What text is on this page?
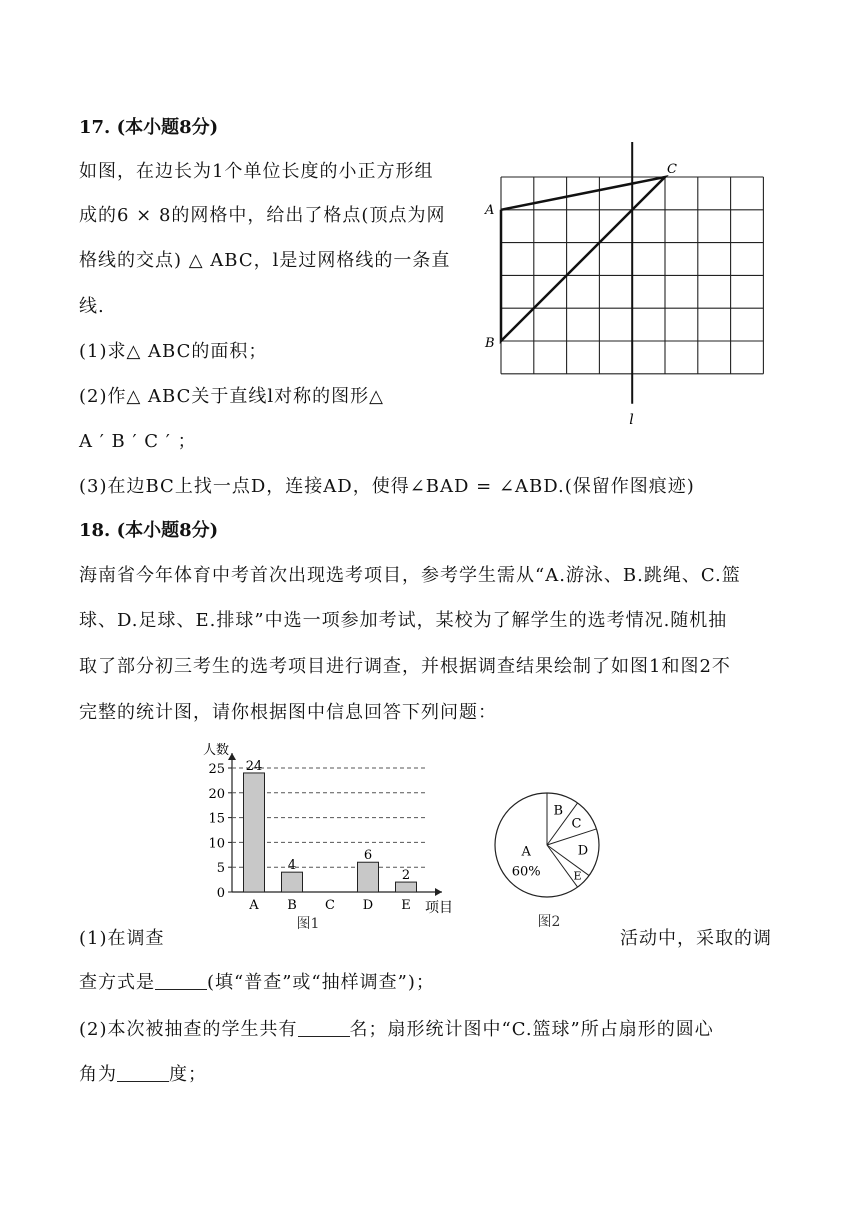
17. (本小题8分)
如图，在边长为1个单位长度的小正方形组
成的6 × 8的网格中，给出了格点(顶点为网
格线的交点) △ ABC，l是过网格线的一条直
线.
(1)求△ ABC的面积；
(2)作△ ABC关于直线l对称的图形△
A ′ B ′ C ′ ；
(3)在边BC上找一点D，连接AD，使得∠BAD = ∠ABD.(保留作图痕迹)
A
B
C
l
18. (本小题8分)
海南省今年体育中考首次出现选考项目，参考学生需从“A.游泳、B.跳绳、C.篮
球、D.足球、E.排球”中选一项参加考试，某校为了解学生的选考情况.随机抽
取了部分初三考生的选考项目进行调查，并根据调查结果绘制了如图1和图2不
完整的统计图，请你根据图中信息回答下列问题：
0
5
10
15
20
25
人数
项目
24
A
4
B C
6
D
2
E
图1
B
C
D
E
A
60%
图2
(1)在调查	活动中，采取的调
查方式是	(填“普查”或“抽样调查”)；
(2)本次被抽查的学生共有	名；扇形统计图中“C.篮球”所占扇形的圆心
角为	度；
